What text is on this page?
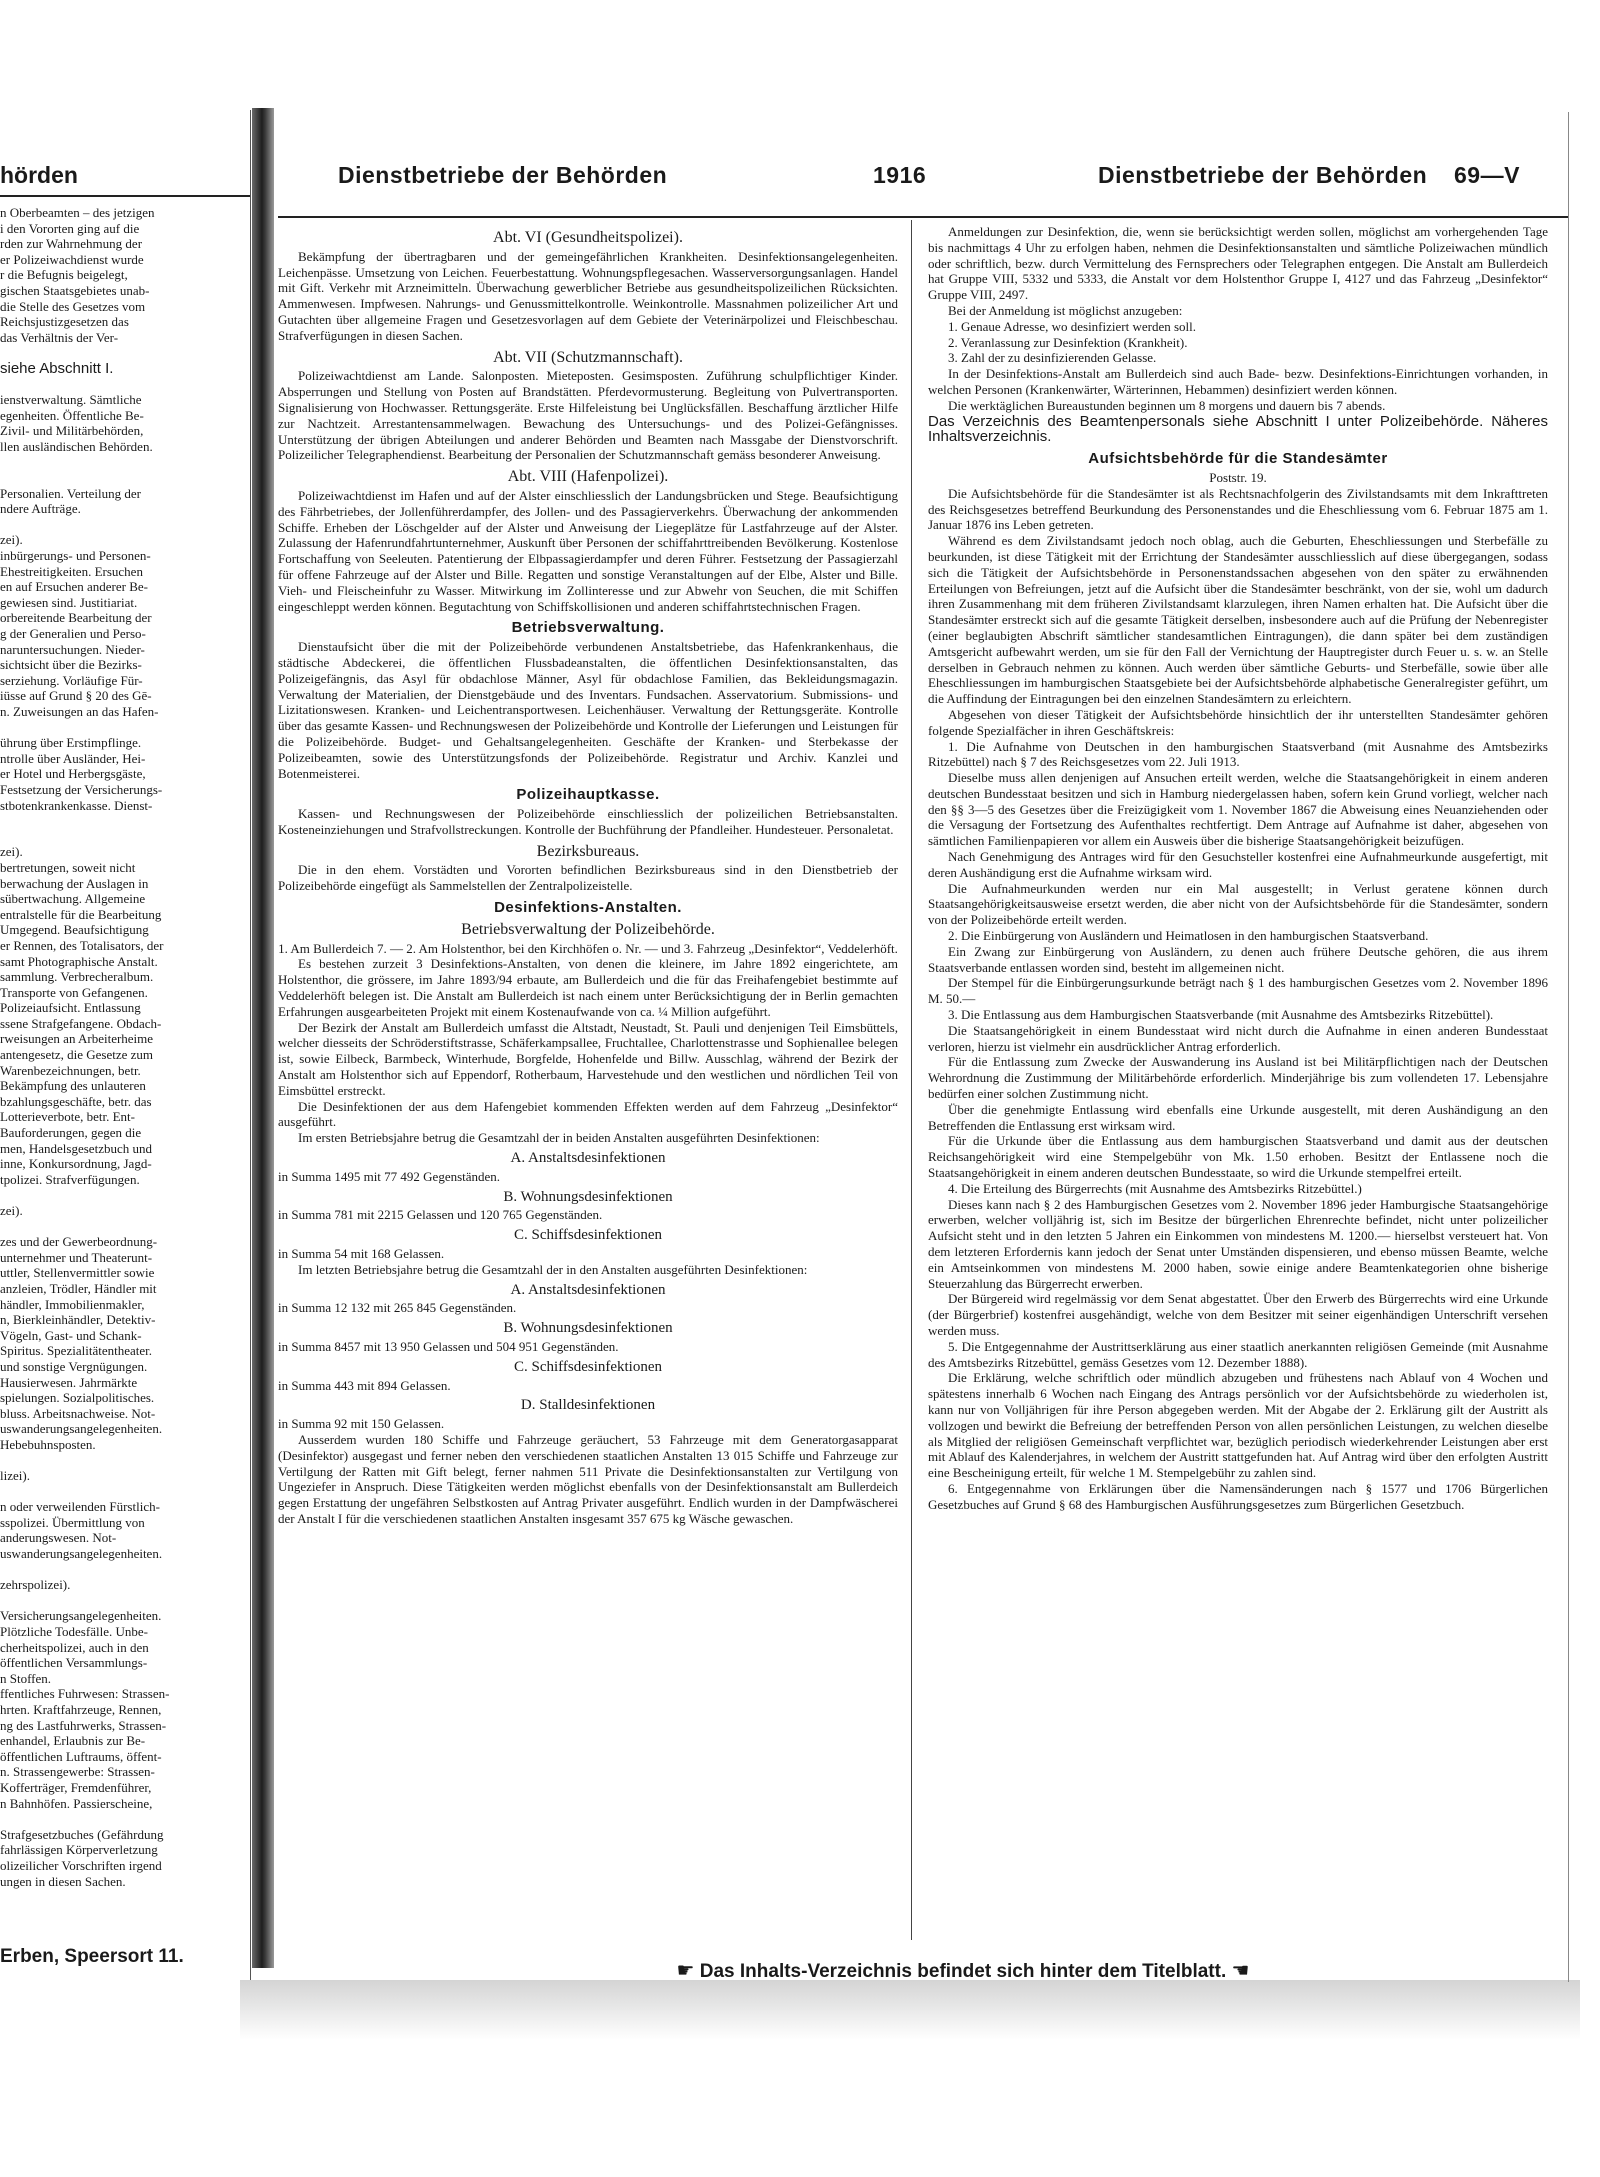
hörden
n Oberbeamten – des jetzigen
i den Vororten ging auf die
rden zur Wahrnehmung der
er Polizeiwachdienst wurde
r die Befugnis beigelegt,
gischen Staatsgebietes unab-
die Stelle des Gesetzes vom
Reichsjustizgesetzen das
das Verhältnis der Ver-

siehe Abschnitt I.

ienstverwaltung. Sämtliche
egenheiten. Öffentliche Be-
Zivil- und Militärbehörden,
llen ausländischen Behörden.

Personalien. Verteilung der
ndere Aufträge.

zei).
inbürgerungs- und Personen-
Ehestreitigkeiten. Ersuchen
en auf Ersuchen anderer Be-
gewiesen sind. Justitiariat.
orbereitende Bearbeitung der
g der Generalien und Perso-
naruntersuchungen. Nieder-
sichtsicht über die Bezirks-
serziehung. Vorläufige Für-
iüsse auf Grund § 20 des Gē-
n. Zuweisungen an das Hafen-

ührung über Erstimpflinge.
ntrolle über Ausländer, Hei-
er Hotel und Herbergsgäste,
Festsetzung der Versicherungs-
stbotenkrankenkasse. Dienst-

zei).
bertretungen, soweit nicht
berwachung der Auslagen in
sübertwachung. Allgemeine
entralstelle für die Bearbeitung
Umgegend. Beaufsichtigung
er Rennen, des Totalisators, der
samt Photographische Anstalt.
sammlung. Verbrecheralbum.
Transporte von Gefangenen.
Polizeiaufsicht. Entlassung
ssene Strafgefangene. Obdach-
rweisungen an Arbeiterheime
antengesetz, die Gesetze zum
Warenbezeichnungen, betr.
Bekämpfung des unlauteren
bzahlungsgeschäfte, betr. das
Lotterieverbote, betr. Ent-
Bauforderungen, gegen die
men, Handelsgesetzbuch und
inne, Konkursordnung, Jagd-
tpolizei. Strafverfügungen.

zei).

zes und der Gewerbeordnung-
unternehmer und Theaterunt-
uttler, Stellenvermittler sowie
anzleien, Trödler, Händler mit
händler, Immobilienmakler,
n, Bierkleinhändler, Detektiv-
Vögeln, Gast- und Schank-
Spiritus. Spezialitätentheater.
und sonstige Vergnügungen.
Hausierwesen. Jahrmärkte
spielungen. Sozialpolitisches.
bluss. Arbeitsnachweise. Not-
uswanderungsangelegenheiten.
Hebebuhnsposten.

lizei).

n oder verweilenden Fürstlich-
sspolizei. Übermittlung von
anderungswesen. Not-
uswanderungsangelegenheiten.

zehrspolizei).

Versicherungsangelegenheiten.
Plötzliche Todesfälle. Unbe-
cherheitspolizei, auch in den
öffentlichen Versammlungs-
n Stoffen.
ffentliches Fuhrwesen: Strassen-
hrten. Kraftfahrzeuge, Rennen,
ng des Lastfuhrwerks, Strassen-
enhandel, Erlaubnis zur Be-
öffentlichen Luftraums, öffent-
n. Strassengewerbe: Strassen-
Kofferträger, Fremdenführer,
n Bahnhöfen. Passierscheine,

Strafgesetzbuches (Gefährdung
fahrlässigen Körperverletzung
olizeilicher Vorschriften irgend
ungen in diesen Sachen.
Erben, Speersort 11.
Dienstbetriebe der Behörden	1916	Dienstbetriebe der Behörden 69—V
Abt. VI (Gesundheitspolizei).

Bekämpfung der übertragbaren und der gemeingefährlichen Krankheiten. Desinfektionsangelegenheiten. Leichenpässe. Umsetzung von Leichen. Feuerbestattung. Wohnungspflegesachen. Wasserversorgungsanlagen. Handel mit Gift. Verkehr mit Arzneimitteln. Überwachung gewerblicher Betriebe aus gesundheitspolizeilichen Rücksichten. Ammenwesen. Impfwesen. Nahrungs- und Genussmittelkontrolle. Weinkontrolle. Massnahmen polizeilicher Art und Gutachten über allgemeine Fragen und Gesetzesvorlagen auf dem Gebiete der Veterinärpolizei und Fleischbeschau. Strafverfügungen in diesen Sachen.

Abt. VII (Schutzmannschaft).

Polizeiwachtdienst am Lande. Salonposten. Mieteposten. Gesimsposten. Zuführung schulpflichtiger Kinder. Absperrungen und Stellung von Posten auf Brandstätten. Pferdevormusterung. Begleitung von Pulvertransporten. Signalisierung von Hochwasser. Rettungsgeräte. Erste Hilfeleistung bei Unglücksfällen. Beschaffung ärztlicher Hilfe zur Nachtzeit. Arrestantensammelwagen. Bewachung des Untersuchungs- und des Polizei-Gefängnisses. Unterstützung der übrigen Abteilungen und anderer Behörden und Beamten nach Massgabe der Dienstvorschrift. Polizeilicher Telegraphendienst. Bearbeitung der Personalien der Schutzmannschaft gemäss besonderer Anweisung.

Abt. VIII (Hafenpolizei).

Polizeiwachtdienst im Hafen und auf der Alster einschliesslich der Landungsbrücken und Stege. Beaufsichtigung des Fährbetriebes, der Jollenführerdampfer, des Jollen- und des Passagierverkehrs. Überwachung der ankommenden Schiffe. Erheben der Löschgelder auf der Alster und Anweisung der Liegeplätze für Lastfahrzeuge auf der Alster. Zulassung der Hafenrundfahrtunternehmer, Auskunft über Personen der schiffahrttreibenden Bevölkerung. Kostenlose Fortschaffung von Seeleuten. Patentierung der Elbpassagierdampfer und deren Führer. Festsetzung der Passagierzahl für offene Fahrzeuge auf der Alster und Bille. Regatten und sonstige Veranstaltungen auf der Elbe, Alster und Bille. Vieh- und Fleischeinfuhr zu Wasser. Mitwirkung im Zollinteresse und zur Abwehr von Seuchen, die mit Schiffen eingeschleppt werden können. Begutachtung von Schiffskollisionen und anderen schiffahrtstechnischen Fragen.

Betriebsverwaltung.

Dienstaufsicht über die mit der Polizeibehörde verbundenen Anstaltsbetriebe, das Hafenkrankenhaus, die städtische Abdeckerei, die öffentlichen Flussbadeanstalten, die öffentlichen Desinfektionsanstalten, das Polizeigefängnis, das Asyl für obdachlose Männer, Asyl für obdachlose Familien, das Bekleidungsmagazin. Verwaltung der Materialien, der Dienstgebäude und des Inventars. Fundsachen. Asservatorium. Submissions- und Lizitationswesen. Kranken- und Leichentransportwesen. Leichenhäuser. Verwaltung der Rettungsgeräte. Kontrolle über das gesamte Kassen- und Rechnungswesen der Polizeibehörde und Kontrolle der Lieferungen und Leistungen für die Polizeibehörde. Budget- und Gehaltsangelegenheiten. Geschäfte der Kranken- und Sterbekasse der Polizeibeamten, sowie des Unterstützungsfonds der Polizeibehörde. Registratur und Archiv. Kanzlei und Botenmeisterei.

Polizeihauptkasse.

Kassen- und Rechnungswesen der Polizeibehörde einschliesslich der polizeilichen Betriebsanstalten. Kosteneinziehungen und Strafvollstreckungen. Kontrolle der Buchführung der Pfandleiher. Hundesteuer. Personaletat.

Bezirksbureaus.

Die in den ehem. Vorstädten und Vororten befindlichen Bezirksbureaus sind in den Dienstbetrieb der Polizeibehörde eingefügt als Sammelstellen der Zentralpolizeistelle.

Desinfektions-Anstalten.
Betriebsverwaltung der Polizeibehörde.

1. Am Bullerdeich 7. — 2. Am Holstenthor, bei den Kirchhöfen o. Nr. — und 3. Fahrzeug „Desinfektor“, Veddelerhöft.

Es bestehen zurzeit 3 Desinfektions-Anstalten, von denen die kleinere, im Jahre 1892 eingerichtete, am Holstenthor, die grössere, im Jahre 1893/94 erbaute, am Bullerdeich und die für das Freihafengebiet bestimmte auf Veddelerhöft belegen ist. Die Anstalt am Bullerdeich ist nach einem unter Berücksichtigung der in Berlin gemachten Erfahrungen ausgearbeiteten Projekt mit einem Kostenaufwande von ca. ¼ Million aufgeführt.

Der Bezirk der Anstalt am Bullerdeich umfasst die Altstadt, Neustadt, St. Pauli und denjenigen Teil Eimsbüttels, welcher diesseits der Schröderstiftstrasse, Schäferkampsallee, Fruchtallee, Charlottenstrasse und Sophienallee belegen ist, sowie Eilbeck, Barmbeck, Winterhude, Borgfelde, Hohenfelde und Billw. Ausschlag, während der Bezirk der Anstalt am Holstenthor sich auf Eppendorf, Rotherbaum, Harvestehude und den westlichen und nördlichen Teil von Eimsbüttel erstreckt.

Die Desinfektionen der aus dem Hafengebiet kommenden Effekten werden auf dem Fahrzeug „Desinfektor“ ausgeführt.

Im ersten Betriebsjahre betrug die Gesamtzahl der in beiden Anstalten ausgeführten Desinfektionen:

A. Anstaltsdesinfektionen

in Summa 1495 mit 77 492 Gegenständen.

B. Wohnungsdesinfektionen

in Summa 781 mit 2215 Gelassen und 120 765 Gegenständen.

C. Schiffsdesinfektionen

in Summa 54 mit 168 Gelassen.

Im letzten Betriebsjahre betrug die Gesamtzahl der in den Anstalten ausgeführten Desinfektionen:

A. Anstaltsdesinfektionen

in Summa 12 132 mit 265 845 Gegenständen.

B. Wohnungsdesinfektionen

in Summa 8457 mit 13 950 Gelassen und 504 951 Gegenständen.

C. Schiffsdesinfektionen

in Summa 443 mit 894 Gelassen.

D. Stalldesinfektionen

in Summa 92 mit 150 Gelassen.

Ausserdem wurden 180 Schiffe und Fahrzeuge geräuchert, 53 Fahrzeuge mit dem Generatorgasapparat (Desinfektor) ausgegast und ferner neben den verschiedenen staatlichen Anstalten 13 015 Schiffe und Fahrzeuge zur Vertilgung der Ratten mit Gift belegt, ferner nahmen 511 Private die Desinfektionsanstalten zur Vertilgung von Ungeziefer in Anspruch. Diese Tätigkeiten werden möglichst ebenfalls von der Desinfektionsanstalt am Bullerdeich gegen Erstattung der ungefähren Selbstkosten auf Antrag Privater ausgeführt. Endlich wurden in der Dampfwäscherei der Anstalt I für die verschiedenen staatlichen Anstalten insgesamt 357 675 kg Wäsche gewaschen.

Anmeldungen zur Desinfektion, die, wenn sie berücksichtigt werden sollen, möglichst am vorhergehenden Tage bis nachmittags 4 Uhr zu erfolgen haben, nehmen die Desinfektionsanstalten und sämtliche Polizeiwachen mündlich oder schriftlich, bezw. durch Vermittelung des Fernsprechers oder Telegraphen entgegen. Die Anstalt am Bullerdeich hat Gruppe VIII, 5332 und 5333, die Anstalt vor dem Holstenthor Gruppe I, 4127 und das Fahrzeug „Desinfektor“ Gruppe VIII, 2497.

Bei der Anmeldung ist möglichst anzugeben:

1. Genaue Adresse, wo desinfiziert werden soll.

2. Veranlassung zur Desinfektion (Krankheit).

3. Zahl der zu desinfizierenden Gelasse.

In der Desinfektions-Anstalt am Bullerdeich sind auch Bade- bezw. Desinfektions-Einrichtungen vorhanden, in welchen Personen (Krankenwärter, Wärterinnen, Hebammen) desinfiziert werden können.

Die werktäglichen Bureaustunden beginnen um 8 morgens und dauern bis 7 abends.

Das Verzeichnis des Beamtenpersonals siehe Abschnitt I unter Polizeibehörde. Näheres Inhaltsverzeichnis.

Aufsichtsbehörde für die Standesämter

Poststr. 19.

Die Aufsichtsbehörde für die Standesämter ist als Rechtsnachfolgerin des Zivilstandsamts mit dem Inkrafttreten des Reichsgesetzes betreffend Beurkundung des Personenstandes und die Eheschliessung vom 6. Februar 1875 am 1. Januar 1876 ins Leben getreten.

Während es dem Zivilstandsamt jedoch noch oblag, auch die Geburten, Eheschliessungen und Sterbefälle zu beurkunden, ist diese Tätigkeit mit der Errichtung der Standesämter ausschliesslich auf diese übergegangen, sodass sich die Tätigkeit der Aufsichtsbehörde in Personenstandssachen abgesehen von den später zu erwähnenden Erteilungen von Befreiungen, jetzt auf die Aufsicht über die Standesämter beschränkt, von der sie, wohl um dadurch ihren Zusammenhang mit dem früheren Zivilstandsamt klarzulegen, ihren Namen erhalten hat. Die Aufsicht über die Standesämter erstreckt sich auf die gesamte Tätigkeit derselben, insbesondere auch auf die Prüfung der Nebenregister (einer beglaubigten Abschrift sämtlicher standesamtlichen Eintragungen), die dann später bei dem zuständigen Amtsgericht aufbewahrt werden, um sie für den Fall der Vernichtung der Hauptregister durch Feuer u. s. w. an Stelle derselben in Gebrauch nehmen zu können. Auch werden über sämtliche Geburts- und Sterbefälle, sowie über alle Eheschliessungen im hamburgischen Staatsgebiete bei der Aufsichtsbehörde alphabetische Generalregister geführt, um die Auffindung der Eintragungen bei den einzelnen Standesämtern zu erleichtern.

Abgesehen von dieser Tätigkeit der Aufsichtsbehörde hinsichtlich der ihr unterstellten Standesämter gehören folgende Spezialfächer in ihren Geschäftskreis:

1. Die Aufnahme von Deutschen in den hamburgischen Staatsverband (mit Ausnahme des Amtsbezirks Ritzebüttel) nach § 7 des Reichsgesetzes vom 22. Juli 1913.

Dieselbe muss allen denjenigen auf Ansuchen erteilt werden, welche die Staatsangehörigkeit in einem anderen deutschen Bundesstaat besitzen und sich in Hamburg niedergelassen haben, sofern kein Grund vorliegt, welcher nach den §§ 3—5 des Gesetzes über die Freizügigkeit vom 1. November 1867 die Abweisung eines Neuanziehenden oder die Versagung der Fortsetzung des Aufenthaltes rechtfertigt. Dem Antrage auf Aufnahme ist daher, abgesehen von sämtlichen Familienpapieren vor allem ein Ausweis über die bisherige Staatsangehörigkeit beizufügen.

Nach Genehmigung des Antrages wird für den Gesuchsteller kostenfrei eine Aufnahmeurkunde ausgefertigt, mit deren Aushändigung erst die Aufnahme wirksam wird.

Die Aufnahmeurkunden werden nur ein Mal ausgestellt; in Verlust geratene können durch Staatsangehörigkeitsausweise ersetzt werden, die aber nicht von der Aufsichtsbehörde für die Standesämter, sondern von der Polizeibehörde erteilt werden.

2. Die Einbürgerung von Ausländern und Heimatlosen in den hamburgischen Staatsverband.

Ein Zwang zur Einbürgerung von Ausländern, zu denen auch frühere Deutsche gehören, die aus ihrem Staatsverbande entlassen worden sind, besteht im allgemeinen nicht.

Der Stempel für die Einbürgerungsurkunde beträgt nach § 1 des hamburgischen Gesetzes vom 2. November 1896 M. 50.—

3. Die Entlassung aus dem Hamburgischen Staatsverbande (mit Ausnahme des Amtsbezirks Ritzebüttel).

Die Staatsangehörigkeit in einem Bundesstaat wird nicht durch die Aufnahme in einen anderen Bundesstaat verloren, hierzu ist vielmehr ein ausdrücklicher Antrag erforderlich.

Für die Entlassung zum Zwecke der Auswanderung ins Ausland ist bei Militärpflichtigen nach der Deutschen Wehrordnung die Zustimmung der Militärbehörde erforderlich. Minderjährige bis zum vollendeten 17. Lebensjahre bedürfen einer solchen Zustimmung nicht.

Über die genehmigte Entlassung wird ebenfalls eine Urkunde ausgestellt, mit deren Aushändigung an den Betreffenden die Entlassung erst wirksam wird.

Für die Urkunde über die Entlassung aus dem hamburgischen Staatsverband und damit aus der deutschen Reichsangehörigkeit wird eine Stempelgebühr von Mk. 1.50 erhoben. Besitzt der Entlassene noch die Staatsangehörigkeit in einem anderen deutschen Bundesstaate, so wird die Urkunde stempelfrei erteilt.

4. Die Erteilung des Bürgerrechts (mit Ausnahme des Amtsbezirks Ritzebüttel.)

Dieses kann nach § 2 des Hamburgischen Gesetzes vom 2. November 1896 jeder Hamburgische Staatsangehörige erwerben, welcher volljährig ist, sich im Besitze der bürgerlichen Ehrenrechte befindet, nicht unter polizeilicher Aufsicht steht und in den letzten 5 Jahren ein Einkommen von mindestens M. 1200.— hierselbst versteuert hat. Von dem letzteren Erfordernis kann jedoch der Senat unter Umständen dispensieren, und ebenso müssen Beamte, welche ein Amtseinkommen von mindestens M. 2000 haben, sowie einige andere Beamtenkategorien ohne bisherige Steuerzahlung das Bürgerrecht erwerben.

Der Bürgereid wird regelmässig vor dem Senat abgestattet. Über den Erwerb des Bürgerrechts wird eine Urkunde (der Bürgerbrief) kostenfrei ausgehändigt, welche von dem Besitzer mit seiner eigenhändigen Unterschrift versehen werden muss.

5. Die Entgegennahme der Austrittserklärung aus einer staatlich anerkannten religiösen Gemeinde (mit Ausnahme des Amtsbezirks Ritzebüttel, gemäss Gesetzes vom 12. Dezember 1888).

Die Erklärung, welche schriftlich oder mündlich abzugeben und frühestens nach Ablauf von 4 Wochen und spätestens innerhalb 6 Wochen nach Eingang des Antrags persönlich vor der Aufsichtsbehörde zu wiederholen ist, kann nur von Volljährigen für ihre Person abgegeben werden. Mit der Abgabe der 2. Erklärung gilt der Austritt als vollzogen und bewirkt die Befreiung der betreffenden Person von allen persönlichen Leistungen, zu welchen dieselbe als Mitglied der religiösen Gemeinschaft verpflichtet war, bezüglich periodisch wiederkehrender Leistungen aber erst mit Ablauf des Kalenderjahres, in welchem der Austritt stattgefunden hat. Auf Antrag wird über den erfolgten Austritt eine Bescheinigung erteilt, für welche 1 M. Stempelgebühr zu zahlen sind.

6. Entgegennahme von Erklärungen über die Namensänderungen nach § 1577 und 1706 Bürgerlichen Gesetzbuches auf Grund § 68 des Hamburgischen Ausführungsgesetzes zum Bürgerlichen Gesetzbuch.

☛ Das Inhalts-Verzeichnis befindet sich hinter dem Titelblatt. ☚
